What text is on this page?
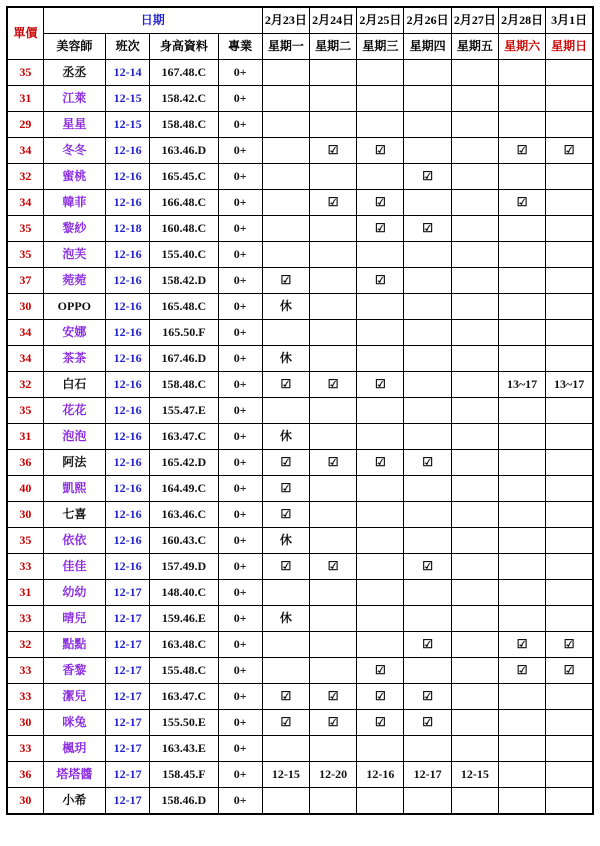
單價	日期				2月23日	2月24日	2月25日	2月26日	2月27日	2月28日	3月1日
	美容師	班次	身高資料	專業	星期一	星期二	星期三	星期四	星期五	星期六	星期日
35	丞丞	12-14	167.48.C	0+							
31	江萊	12-15	158.42.C	0+							
29	星星	12-15	158.48.C	0+							
34	冬冬	12-16	163.46.D	0+		☑	☑			☑	☑
32	蜜桃	12-16	165.45.C	0+				☑			
34	韓菲	12-16	166.48.C	0+		☑	☑			☑	
35	黎紗	12-18	160.48.C	0+			☑	☑			
35	泡芙	12-16	155.40.C	0+							
37	菀菀	12-16	158.42.D	0+	☑		☑				
30	OPPO	12-16	165.48.C	0+	休						
34	安娜	12-16	165.50.F	0+							
34	茶茶	12-16	167.46.D	0+	休						
32	白石	12-16	158.48.C	0+	☑	☑	☑			13~17	13~17
35	花花	12-16	155.47.E	0+							
31	泡泡	12-16	163.47.C	0+	休						
36	阿法	12-16	165.42.D	0+	☑	☑	☑	☑			
40	凱熙	12-16	164.49.C	0+	☑						
30	七喜	12-16	163.46.C	0+	☑						
35	依依	12-16	160.43.C	0+	休						
33	佳佳	12-16	157.49.D	0+	☑	☑		☑			
31	幼幼	12-17	148.40.C	0+							
33	晴兒	12-17	159.46.E	0+	休						
32	點點	12-17	163.48.C	0+				☑		☑	☑
33	香黎	12-17	155.48.C	0+			☑			☑	☑
33	潔兒	12-17	163.47.C	0+	☑	☑	☑	☑			
30	咪兔	12-17	155.50.E	0+	☑	☑	☑	☑			
33	楓玥	12-17	163.43.E	0+							
36	塔塔醬	12-17	158.45.F	0+	12-15	12-20	12-16	12-17	12-15		
30	小希	12-17	158.46.D	0+							
